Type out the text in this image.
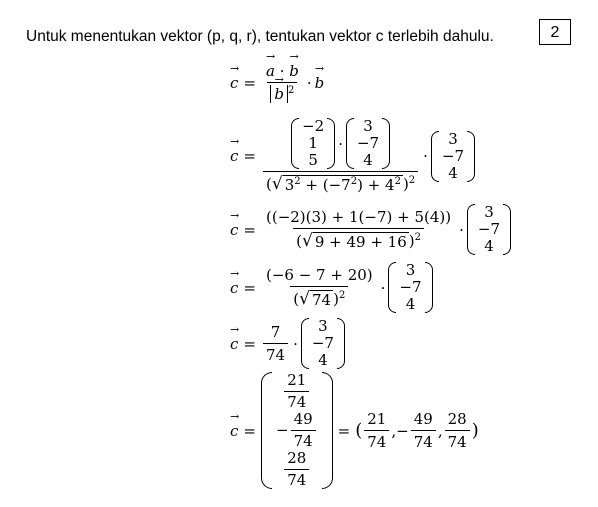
Untuk menentukan vektor (p, q, r), tentukan vektor c terlebih dahulu.	2
→ c = → a · → b
→ b $^2$ · → b
→ c = −2
1
5
·
3
−7
4
( √ $3^2 + (-7^2) + 4^2$ )$^2$ ·
3
−7
4
→ $c = \frac{((-2)(3) + 1(-7) + 5(4))}{( √ 9 + 49 + 16 )^2}$ ·
3
−7
4
→ $c = \frac{(-6 - 7 + 20)}{( √ 74 )^2}$ ·
3
−7
4
→ $c = \frac{7}{74}$ ·
3
−7
4
→ c =
$\frac{21}{74}$
− $\frac{49}{74}$
$\frac{28}{74}$
= ( $\frac{21}{74}$ , − $\frac{49}{74}$ , $\frac{28}{74}$ )
